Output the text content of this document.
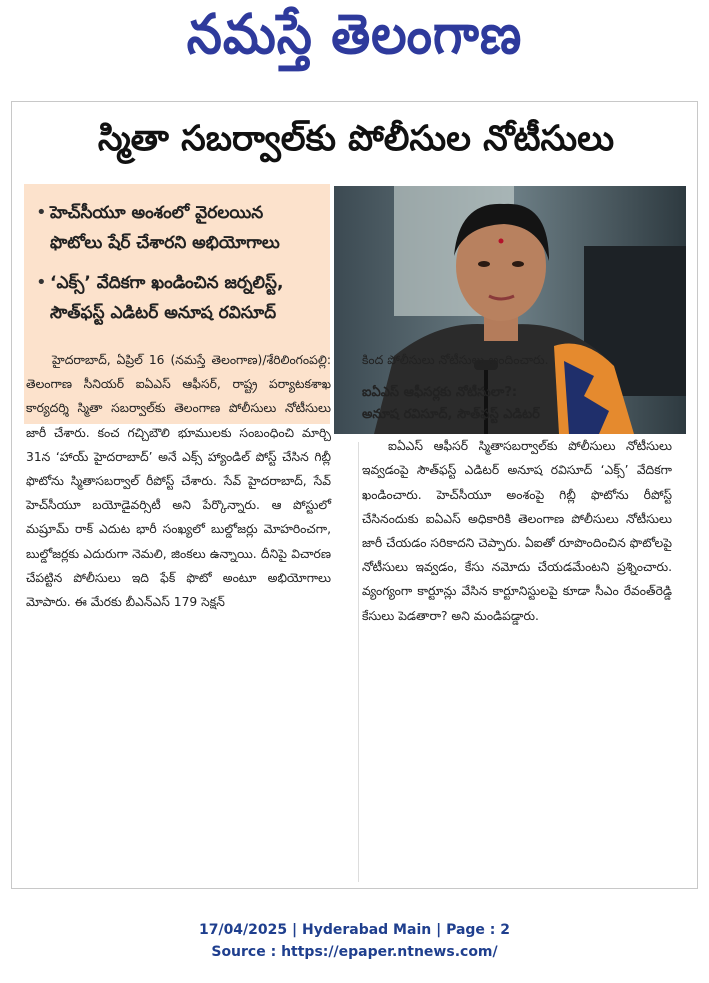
నమస్తే తెలంగాణ
స్మితా సబర్వాల్‌కు పోలీసుల నోటీసులు
• హెచ్‌సీయూ అంశంలో వైరలయిన ఫొటోలు షేర్ చేశారని అభియోగాలు
• ‘ఎక్స్’ వేదికగా ఖండించిన జర్నలిస్ట్, సౌత్‌ఫస్ట్ ఎడిటర్ అనూష రవిసూద్

హైదరాబాద్, ఏప్రిల్ 16 (నమస్తే తెలంగాణ)/శేరిలింగంపల్లి: తెలంగాణ సీనియర్ ఐఏఎస్ ఆఫీసర్, రాష్ట్ర పర్యాటకశాఖ కార్యదర్శి స్మితా సబర్వాల్‌కు తెలంగాణ పోలీసులు నోటీసులు జారీ చేశారు. కంచ గచ్చిబౌలి భూములకు సంబంధించి మార్చి 31న ‘హాయ్ హైదరాబాద్’ అనే ఎక్స్ హ్యాండిల్ పోస్ట్ చేసిన గిబ్లీ ఫొటోను స్మితాసబర్వాల్ రీపోస్ట్ చేశారు. సేవ్ హైదరాబాద్, సేవ్ హెచ్‌సీయూ బయోడైవర్సిటీ అని పేర్కొన్నారు. ఆ పోస్టులో మష్రూమ్ రాక్ ఎదుట భారీ సంఖ్యలో బుల్డోజర్లు మోహరించగా, బుల్డోజర్లకు ఎదురుగా నెమలి, జింకలు ఉన్నాయి. దీనిపై విచారణ చేపట్టిన పోలీసులు ఇది ఫేక్ ఫొటో అంటూ అభియోగాలు మోపారు. ఈ మేరకు బీఎన్ఎస్ 179 సెక్షన్

కింద పోలీసులు నోటీసులు అందించారు.

ఐఏఎస్ ఆఫీసర్లకు నోటీసులా?:
అనూష రవిసూద్, సౌత్‌ఫస్ట్ ఎడిటర్

ఐఏఎస్ ఆఫీసర్ స్మితాసబర్వాల్‌కు పోలీసులు నోటీసులు ఇవ్వడంపై సౌత్‌ఫస్ట్ ఎడిటర్ అనూష రవిసూద్ ‘ఎక్స్’ వేదికగా ఖండించారు. హెచ్‌సీయూ అంశంపై గిబ్లీ ఫొటోను రీపోస్ట్ చేసినందుకు ఐఏఎస్ అధికారికి తెలంగాణ పోలీసులు నోటీసులు జారీ చేయడం సరికాదని చెప్పారు. ఏఐతో రూపొందించిన ఫొటోలపై నోటీసులు ఇవ్వడం, కేసు నమోదు చేయడమేంటని ప్రశ్నించారు. వ్యంగ్యంగా కార్టూన్లు వేసిన కార్టూనిస్టులపై కూడా సీఎం రేవంత్‌రెడ్డి కేసులు పెడతారా? అని మండిపడ్డారు.

17/04/2025 | Hyderabad Main | Page : 2
Source : https://epaper.ntnews.com/
